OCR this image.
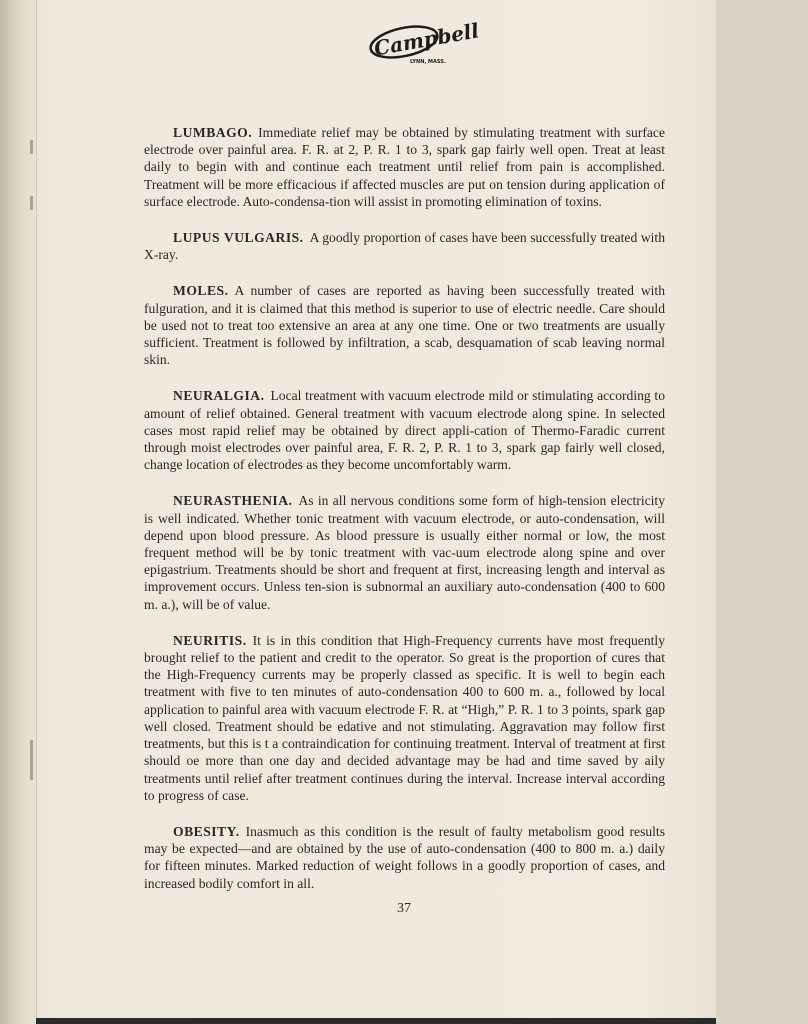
Campbell
LYNN, MASS.

LUMBAGO. Immediate relief may be obtained by stimulating treatment with surface electrode over painful area. F. R. at 2, P. R. 1 to 3, spark gap fairly well open. Treat at least daily to begin with and continue each treatment until relief from pain is accomplished. Treatment will be more efficacious if affected muscles are put on tension during application of surface electrode. Auto-condensa-tion will assist in promoting elimination of toxins.

LUPUS VULGARIS. A goodly proportion of cases have been successfully treated with X-ray.

MOLES. A number of cases are reported as having been successfully treated with fulguration, and it is claimed that this method is superior to use of electric needle. Care should be used not to treat too extensive an area at any one time. One or two treatments are usually sufficient. Treatment is followed by infiltration, a scab, desquamation of scab leaving normal skin.

NEURALGIA. Local treatment with vacuum electrode mild or stimulating according to amount of relief obtained. General treatment with vacuum electrode along spine. In selected cases most rapid relief may be obtained by direct appli-cation of Thermo-Faradic current through moist electrodes over painful area, F. R. 2, P. R. 1 to 3, spark gap fairly well closed, change location of electrodes as they become uncomfortably warm.

NEURASTHENIA. As in all nervous conditions some form of high-tension electricity is well indicated. Whether tonic treatment with vacuum electrode, or auto-condensation, will depend upon blood pressure. As blood pressure is usually either normal or low, the most frequent method will be by tonic treatment with vac-uum electrode along spine and over epigastrium. Treatments should be short and frequent at first, increasing length and interval as improvement occurs. Unless ten-sion is subnormal an auxiliary auto-condensation (400 to 600 m. a.), will be of value.

NEURITIS. It is in this condition that High-Frequency currents have most frequently brought relief to the patient and credit to the operator. So great is the proportion of cures that the High-Frequency currents may be properly classed as specific. It is well to begin each treatment with five to ten minutes of auto-condensation 400 to 600 m. a., followed by local application to painful area with vacuum electrode F. R. at “High,” P. R. 1 to 3 points, spark gap well closed. Treatment should be edative and not stimulating. Aggravation may follow first treatments, but this is t a contraindication for continuing treatment. Interval of treatment at first should oe more than one day and decided advantage may be had and time saved by aily treatments until relief after treatment continues during the interval. Increase interval according to progress of case.

OBESITY. Inasmuch as this condition is the result of faulty metabolism good results may be expected—and are obtained by the use of auto-condensation (400 to 800 m. a.) daily for fifteen minutes. Marked reduction of weight follows in a goodly proportion of cases, and increased bodily comfort in all.

37
